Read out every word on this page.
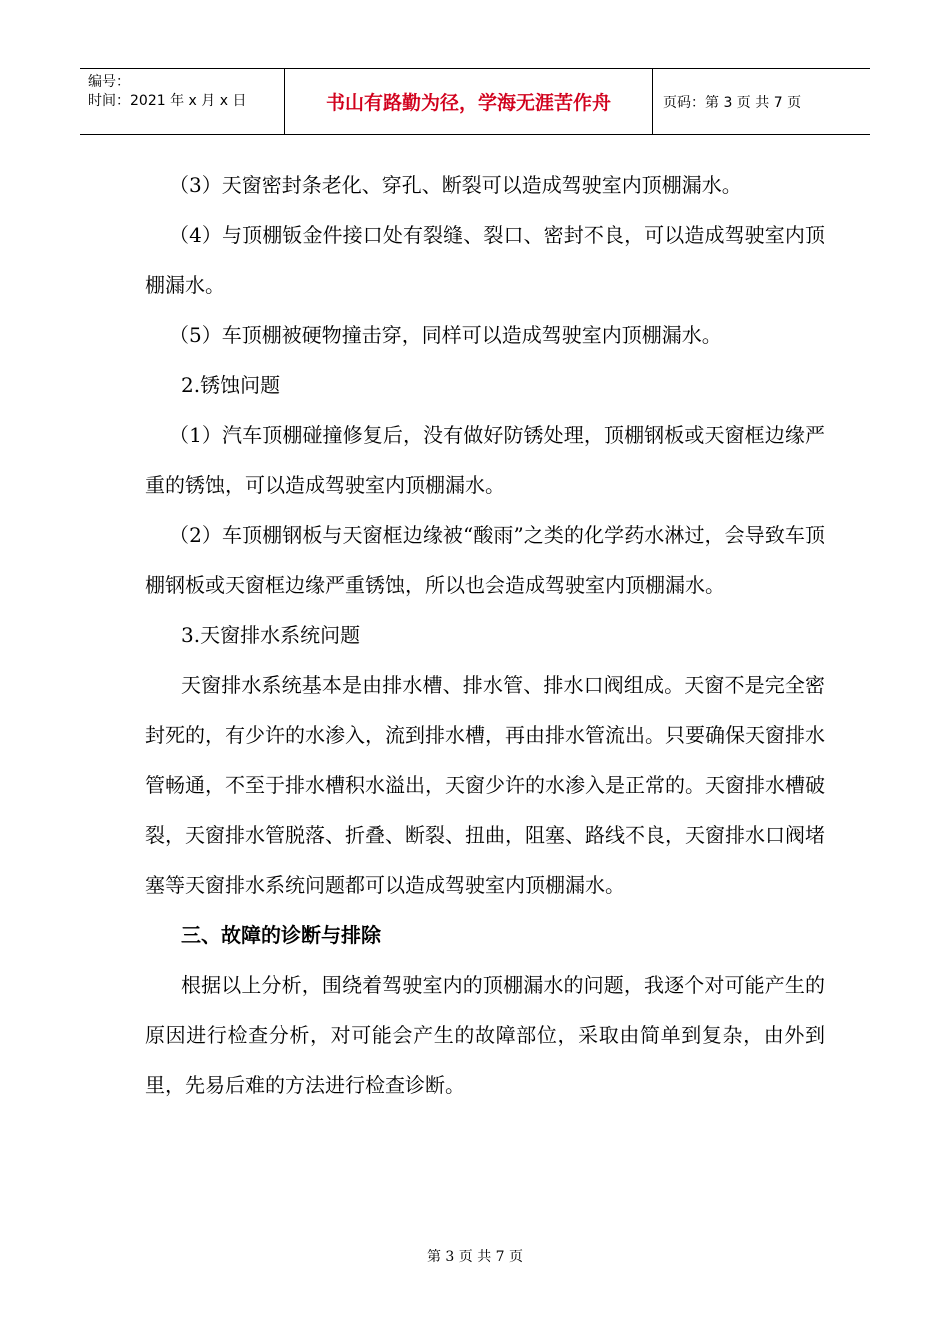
编号：
时间：2021 年 x 月 x 日	书山有路勤为径，学海无涯苦作舟	页码：第 3 页 共 7 页

（3）天窗密封条老化、穿孔、断裂可以造成驾驶室内顶棚漏水。

（4）与顶棚钣金件接口处有裂缝、裂口、密封不良，可以造成驾驶室内顶棚漏水。

（5）车顶棚被硬物撞击穿，同样可以造成驾驶室内顶棚漏水。

2.锈蚀问题

（1）汽车顶棚碰撞修复后，没有做好防锈处理，顶棚钢板或天窗框边缘严重的锈蚀，可以造成驾驶室内顶棚漏水。

（2）车顶棚钢板与天窗框边缘被“酸雨”之类的化学药水淋过，会导致车顶棚钢板或天窗框边缘严重锈蚀，所以也会造成驾驶室内顶棚漏水。

3.天窗排水系统问题

天窗排水系统基本是由排水槽、排水管、排水口阀组成。天窗不是完全密封死的，有少许的水渗入，流到排水槽，再由排水管流出。只要确保天窗排水管畅通，不至于排水槽积水溢出，天窗少许的水渗入是正常的。天窗排水槽破裂，天窗排水管脱落、折叠、断裂、扭曲，阻塞、路线不良，天窗排水口阀堵塞等天窗排水系统问题都可以造成驾驶室内顶棚漏水。

三、故障的诊断与排除

根据以上分析，围绕着驾驶室内的顶棚漏水的问题，我逐个对可能产生的原因进行检查分析，对可能会产生的故障部位，采取由简单到复杂，由外到里，先易后难的方法进行检查诊断。

第 3 页 共 7 页
